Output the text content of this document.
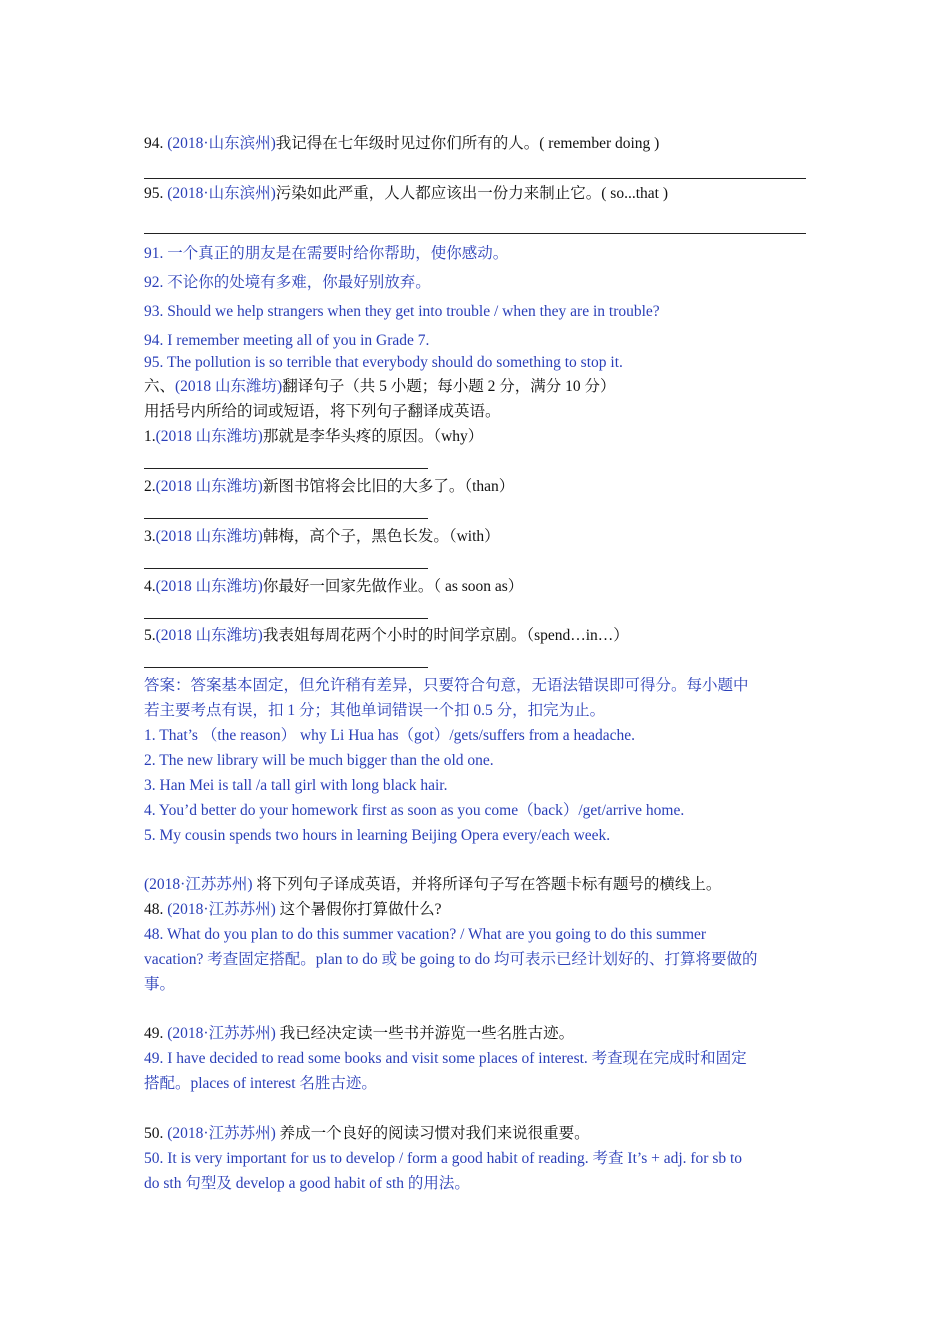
94. (2018·山东滨州)我记得在七年级时见过你们所有的人。( remember doing )
95. (2018·山东滨州)污染如此严重，人人都应该出一份力来制止它。( so...that )
91. 一个真正的朋友是在需要时给你帮助，使你感动。
92. 不论你的处境有多难，你最好别放弃。
93. Should we help strangers when they get into trouble / when they are in trouble?
94. I remember meeting all of you in Grade 7.
95. The pollution is so terrible that everybody should do something to stop it.
六、(2018 山东潍坊)翻译句子（共 5 小题；每小题 2 分，满分 10 分）
用括号内所给的词或短语，将下列句子翻译成英语。
1.(2018 山东潍坊)那就是李华头疼的原因。（why）
2.(2018 山东潍坊)新图书馆将会比旧的大多了。（than）
3.(2018 山东潍坊)韩梅，高个子，黑色长发。（with）
4.(2018 山东潍坊)你最好一回家先做作业。（ as soon as）
5.(2018 山东潍坊)我表姐每周花两个小时的时间学京剧。（spend…in…）
答案：答案基本固定，但允许稍有差异，只要符合句意，无语法错误即可得分。每小题中
若主要考点有误，扣 1 分；其他单词错误一个扣 0.5 分，扣完为止。
1. That’s （the reason） why Li Hua has（got）/gets/suffers from a headache.
2. The new library will be much bigger than the old one.
3. Han Mei is tall /a tall girl with long black hair.
4. You’d better do your homework first as soon as you come（back）/get/arrive home.
5. My cousin spends two hours in learning Beijing Opera every/each week.
(2018·江苏苏州) 将下列句子译成英语，并将所译句子写在答题卡标有题号的横线上。
48. (2018·江苏苏州) 这个暑假你打算做什么?
48. What do you plan to do this summer vacation? / What are you going to do this summer
vacation? 考查固定搭配。plan to do 或 be going to do 均可表示已经计划好的、打算将要做的
事。
49. (2018·江苏苏州) 我已经决定读一些书并游览一些名胜古迹。
49. I have decided to read some books and visit some places of interest. 考查现在完成时和固定
搭配。places of interest 名胜古迹。
50. (2018·江苏苏州) 养成一个良好的阅读习惯对我们来说很重要。
50. It is very important for us to develop / form a good habit of reading. 考查 It’s + adj. for sb to
do sth 句型及 develop a good habit of sth 的用法。
